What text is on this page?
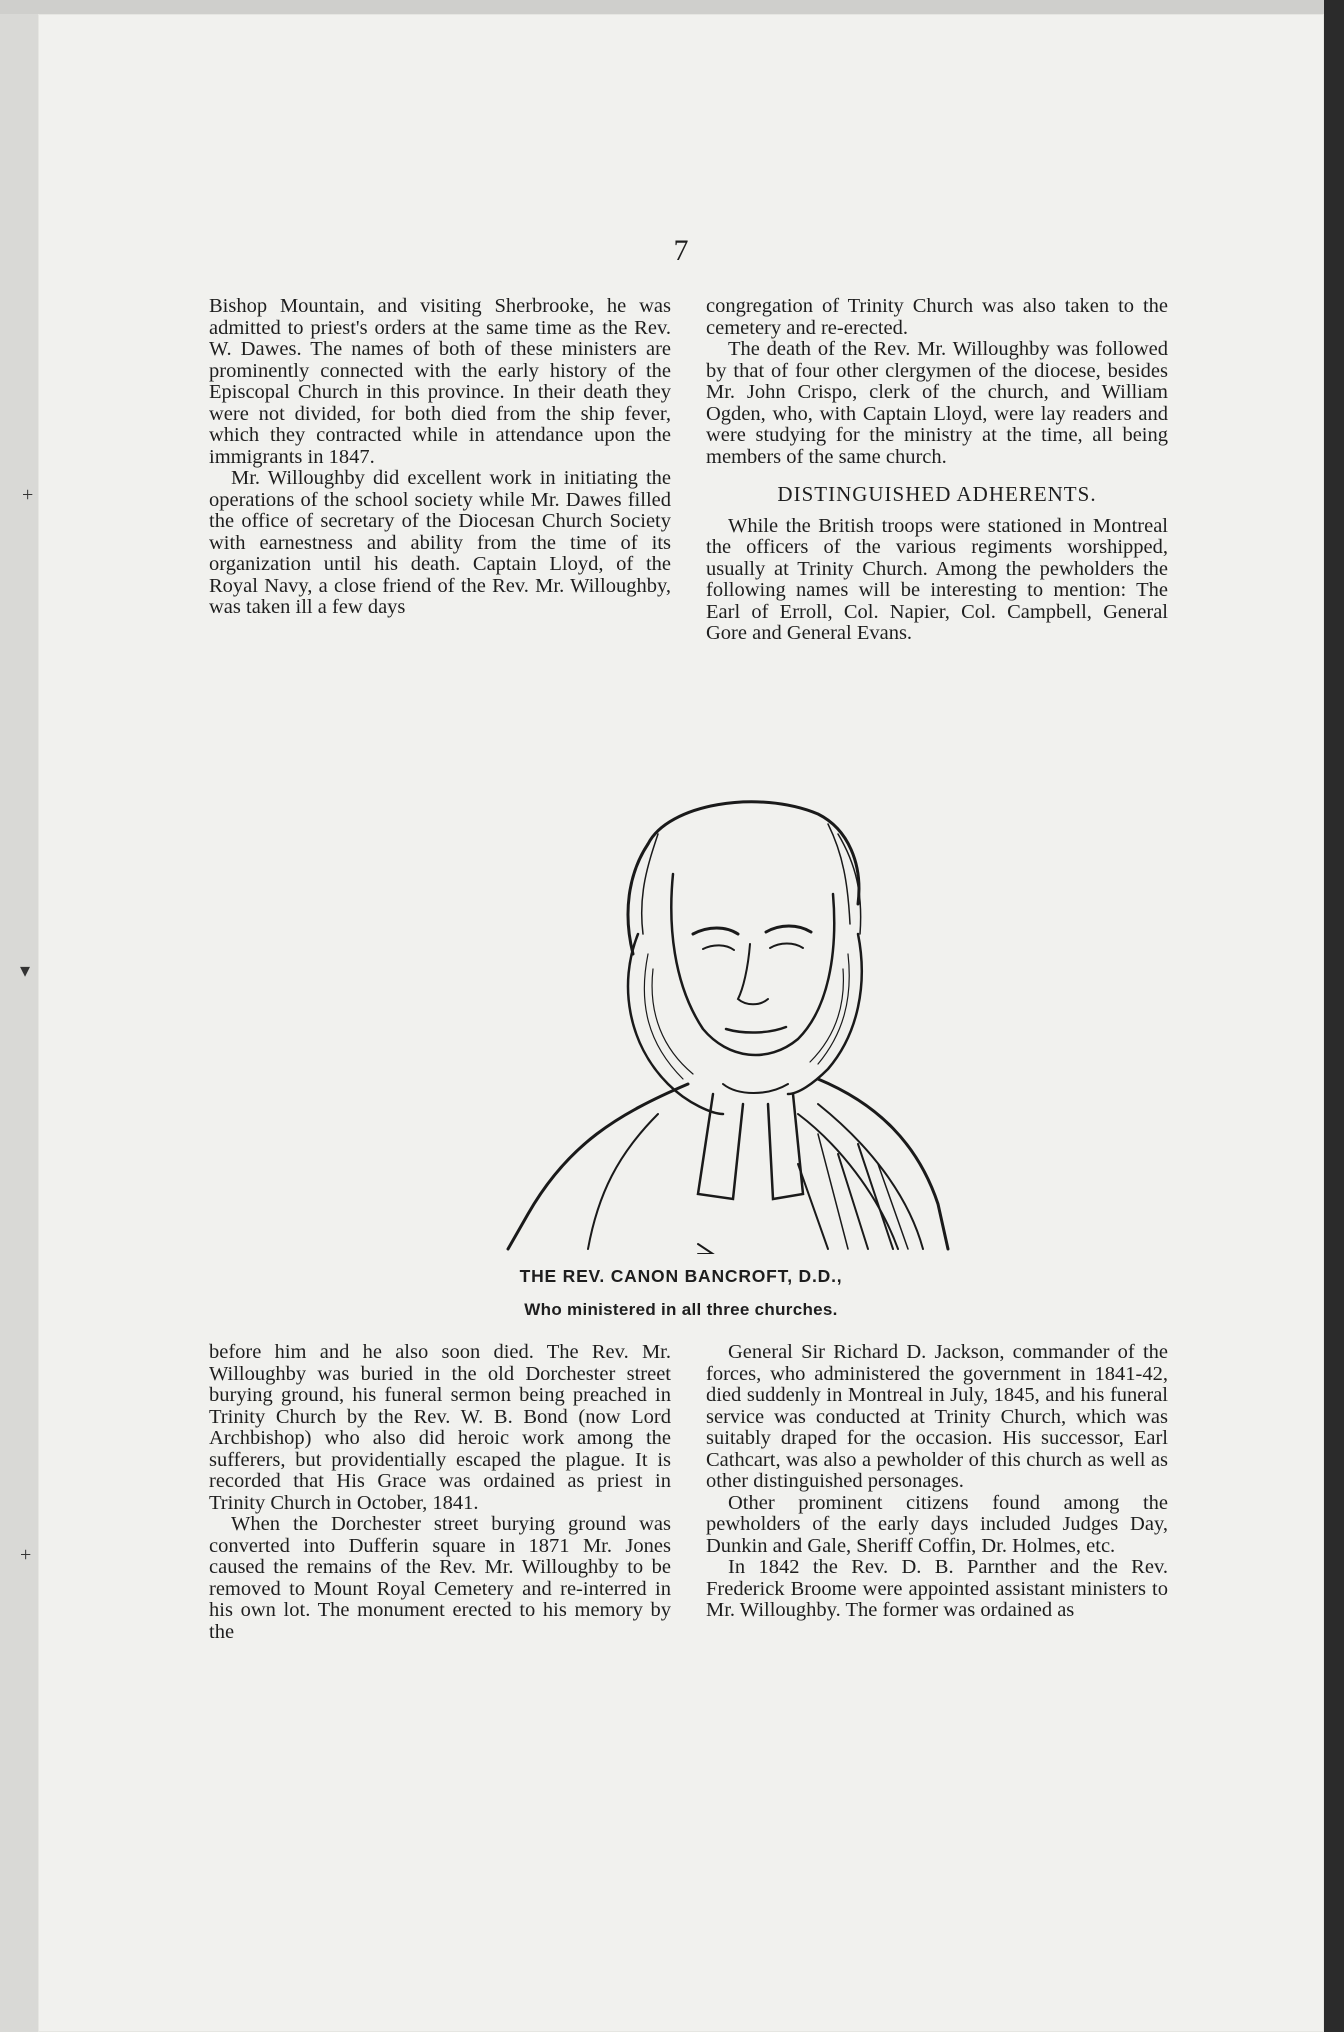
7

Bishop Mountain, and visiting Sherbrooke, he was admitted to priest's orders at the same time as the Rev. W. Dawes. The names of both of these ministers are prominently connected with the early history of the Episcopal Church in this province. In their death they were not divided, for both died from the ship fever, which they contracted while in attendance upon the immigrants in 1847.

Mr. Willoughby did excellent work in initiating the operations of the school society while Mr. Dawes filled the office of secretary of the Diocesan Church Society with earnestness and ability from the time of its organization until his death. Captain Lloyd, of the Royal Navy, a close friend of the Rev. Mr. Willoughby, was taken ill a few days

congregation of Trinity Church was also taken to the cemetery and re-erected.

The death of the Rev. Mr. Willoughby was followed by that of four other clergymen of the diocese, besides Mr. John Crispo, clerk of the church, and William Ogden, who, with Captain Lloyd, were lay readers and were studying for the ministry at the time, all being members of the same church.

DISTINGUISHED ADHERENTS.

While the British troops were stationed in Montreal the officers of the various regiments worshipped, usually at Trinity Church. Among the pewholders the following names will be interesting to mention: The Earl of Erroll, Col. Napier, Col. Campbell, General Gore and General Evans.

THE REV. CANON BANCROFT, D.D.,
Who ministered in all three churches.

before him and he also soon died. The Rev. Mr. Willoughby was buried in the old Dorchester street burying ground, his funeral sermon being preached in Trinity Church by the Rev. W. B. Bond (now Lord Archbishop) who also did heroic work among the sufferers, but providentially escaped the plague. It is recorded that His Grace was ordained as priest in Trinity Church in October, 1841.

When the Dorchester street burying ground was converted into Dufferin square in 1871 Mr. Jones caused the remains of the Rev. Mr. Willoughby to be removed to Mount Royal Cemetery and re-interred in his own lot. The monument erected to his memory by the

General Sir Richard D. Jackson, commander of the forces, who administered the government in 1841-42, died suddenly in Montreal in July, 1845, and his funeral service was conducted at Trinity Church, which was suitably draped for the occasion. His successor, Earl Cathcart, was also a pewholder of this church as well as other distinguished personages.

Other prominent citizens found among the pewholders of the early days included Judges Day, Dunkin and Gale, Sheriff Coffin, Dr. Holmes, etc.

In 1842 the Rev. D. B. Parnther and the Rev. Frederick Broome were appointed assistant ministers to Mr. Willoughby. The former was ordained as

+
▾
+
